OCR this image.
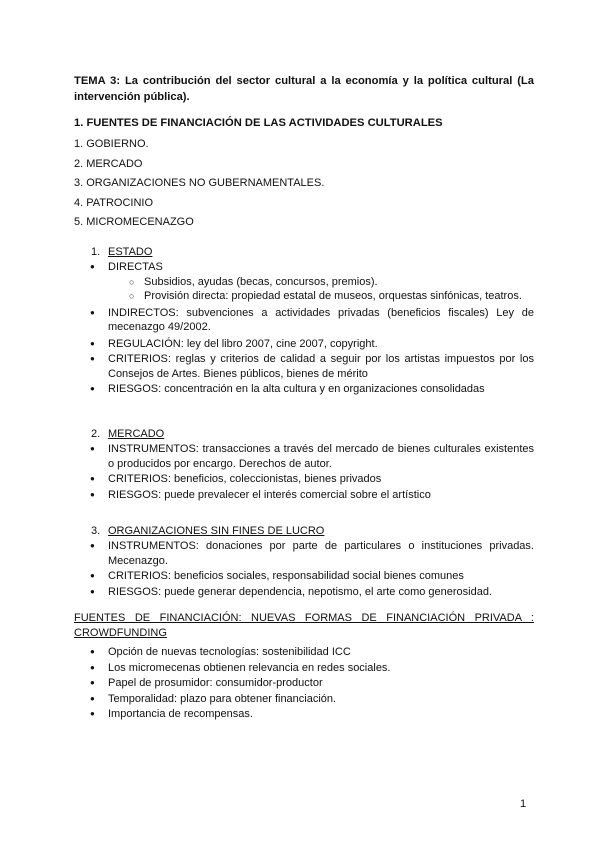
TEMA 3: La contribución del sector cultural a la economía y la política cultural (La intervención pública).
1. FUENTES DE FINANCIACIÓN DE LAS ACTIVIDADES CULTURALES
1. GOBIERNO.
2. MERCADO
3. ORGANIZACIONES NO GUBERNAMENTALES.
4. PATROCINIO
5. MICROMECENAZGO
1. ESTADO
● DIRECTAS
○ Subsidios, ayudas (becas, concursos, premios).
○ Provisión directa: propiedad estatal de museos, orquestas sinfónicas, teatros.
● INDIRECTOS: subvenciones a actividades privadas (beneficios fiscales) Ley de mecenazgo 49/2002.
● REGULACIÓN: ley del libro 2007, cine 2007, copyright.
● CRITERIOS: reglas y criterios de calidad a seguir por los artistas impuestos por los Consejos de Artes. Bienes públicos, bienes de mérito
● RIESGOS: concentración en la alta cultura y en organizaciones consolidadas
2. MERCADO
● INSTRUMENTOS: transacciones a través del mercado de bienes culturales existentes o producidos por encargo. Derechos de autor.
● CRITERIOS: beneficios, coleccionistas, bienes privados
● RIESGOS: puede prevalecer el interés comercial sobre el artístico
3. ORGANIZACIONES SIN FINES DE LUCRO
● INSTRUMENTOS: donaciones por parte de particulares o instituciones privadas. Mecenazgo.
● CRITERIOS: beneficios sociales, responsabilidad social bienes comunes
● RIESGOS: puede generar dependencia, nepotismo, el arte como generosidad.
FUENTES DE FINANCIACIÓN: NUEVAS FORMAS DE FINANCIACIÓN PRIVADA : CROWDFUNDING
● Opción de nuevas tecnologías: sostenibilidad ICC
● Los micromecenas obtienen relevancia en redes sociales.
● Papel de prosumidor: consumidor-productor
● Temporalidad: plazo para obtener financiación.
● Importancia de recompensas.
1
